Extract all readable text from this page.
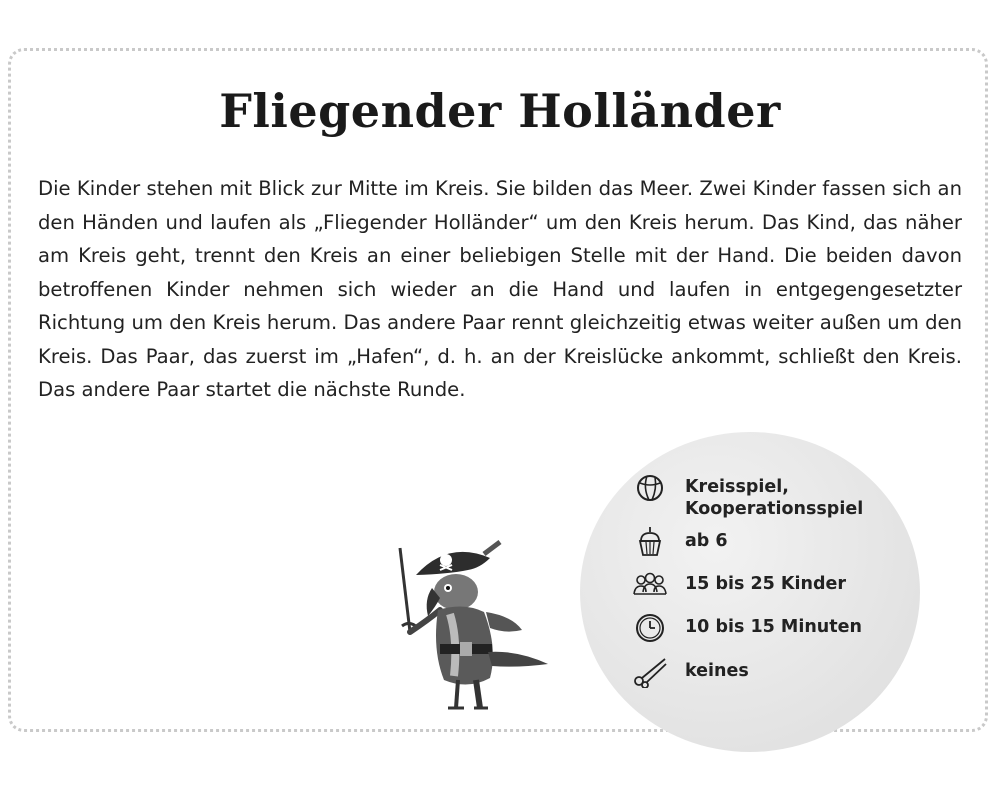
Fliegender Holländer

Die Kinder stehen mit Blick zur Mitte im Kreis. Sie bilden das Meer. Zwei Kinder fassen sich an den Händen und laufen als „Fliegender Holländer“ um den Kreis herum. Das Kind, das näher am Kreis geht, trennt den Kreis an einer beliebigen Stelle mit der Hand. Die beiden davon betroffenen Kinder nehmen sich wieder an die Hand und laufen in entgegengesetzter Richtung um den Kreis herum. Das andere Paar rennt gleichzeitig etwas weiter außen um den Kreis. Das Paar, das zuerst im „Hafen“, d. h. an der Kreislücke ankommt, schließt den Kreis. Das andere Paar startet die nächste Runde.

Kreisspiel,
Kooperationsspiel
ab 6
15 bis 25 Kinder
10 bis 15 Minuten
keines
